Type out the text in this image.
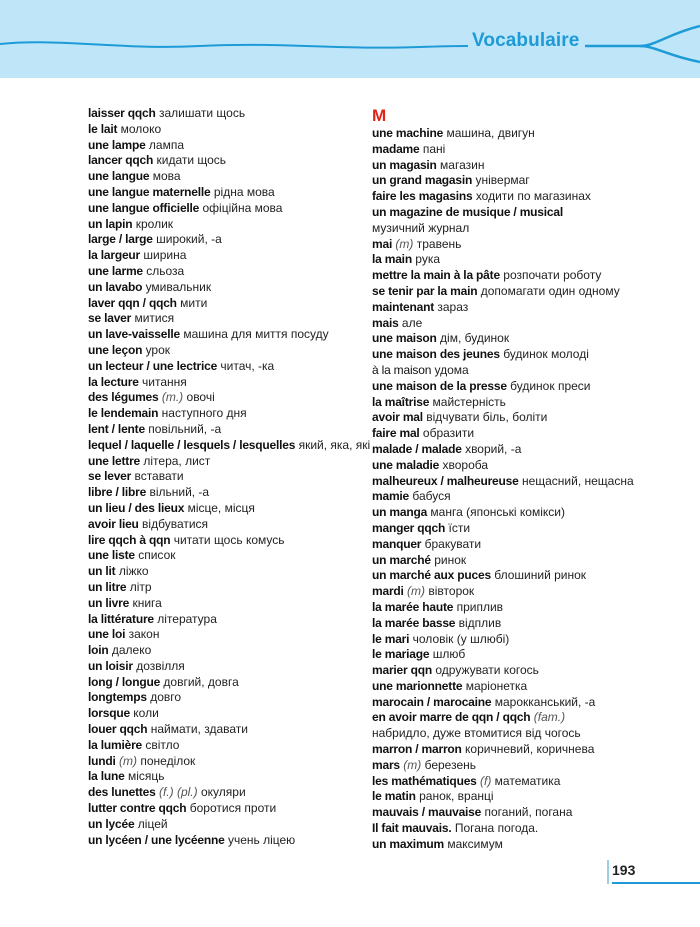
Vocabulaire
laisser qqch залишати щось
le lait молоко
une lampe лампа
lancer qqch кидати щось
une langue мова
une langue maternelle рідна мова
une langue officielle офіційна мова
un lapin кролик
large / large широкий, -а
la largeur ширина
une larme сльоза
un lavabo умивальник
laver qqn / qqch мити
se laver митися
un lave-vaisselle машина для миття посуду
une leçon урок
un lecteur / une lectrice читач, -ка
la lecture читання
des légumes (m.) овочі
le lendemain наступного дня
lent / lente повільний, -а
lequel / laquelle / lesquels / lesquelles який, яка, які
une lettre літера, лист
se lever вставати
libre / libre вільний, -а
un lieu / des lieux місце, місця
avoir lieu відбуватися
lire qqch à qqn читати щось комусь
une liste список
un lit ліжко
un litre літр
un livre книга
la littérature література
une loi закон
loin далеко
un loisir дозвілля
long / longue довгий, довга
longtemps довго
lorsque коли
louer qqch наймати, здавати
la lumière світло
lundi (m) понеділок
la lune місяць
des lunettes (f.) (pl.) окуляри
lutter contre qqch боротися проти
un lycée ліцей
un lycéen / une lycéenne учень ліцею
M
une machine машина, двигун
madame пані
un magasin магазин
un grand magasin універмаг
faire les magasins ходити по магазинах
un magazine de musique / musical музичний журнал
mai (m) травень
la main рука
mettre la main à la pâte розпочати роботу
se tenir par la main допомагати один одному
maintenant зараз
mais але
une maison дім, будинок
une maison des jeunes будинок молоді
à la maison удома
une maison de la presse будинок преси
la maîtrise майстерність
avoir mal відчувати біль, боліти
faire mal образити
malade / malade хворий, -а
une maladie хвороба
malheureux / malheureuse нещасний, нещасна
mamie бабуся
un manga манга (японські комікси)
manger qqch їсти
manquer бракувати
un marché ринок
un marché aux puces блошиний ринок
mardi (m) вівторок
la marée haute приплив
la marée basse відплив
le mari чоловік (у шлюбі)
le mariage шлюб
marier qqn одружувати когось
une marionnette маріонетка
marocain / marocaine марокканський, -а
en avoir marre de qqn / qqch (fam.) набридло, дуже втомитися від чогось
marron / marron коричневий, коричнева
mars (m) березень
les mathématiques (f) математика
le matin ранок, вранці
mauvais / mauvaise поганий, погана
Il fait mauvais. Погана погода.
un maximum максимум
193
